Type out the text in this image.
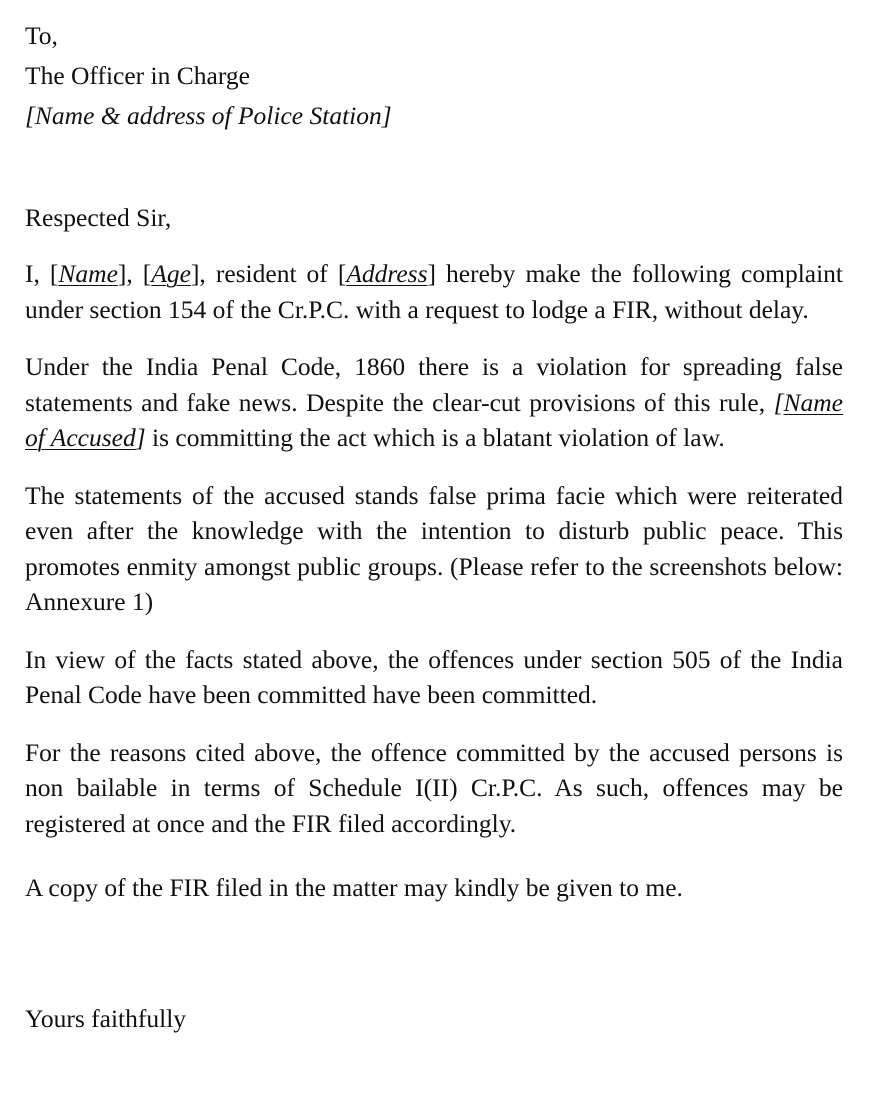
To,

The Officer in Charge

[Name & address of Police Station]

Respected Sir,

I, [Name], [Age], resident of [Address] hereby make the following complaint under section 154 of the Cr.P.C. with a request to lodge a FIR, without delay.

Under the India Penal Code, 1860 there is a violation for spreading false statements and fake news. Despite the clear-cut provisions of this rule, [Name of Accused] is committing the act which is a blatant violation of law.

The statements of the accused stands false prima facie which were reiterated even after the knowledge with the intention to disturb public peace. This promotes enmity amongst public groups. (Please refer to the screenshots below: Annexure 1)

In view of the facts stated above, the offences under section 505 of the India Penal Code have been committed have been committed.

For the reasons cited above, the offence committed by the accused persons is non bailable in terms of Schedule I(II) Cr.P.C. As such, offences may be registered at once and the FIR filed accordingly.

A copy of the FIR filed in the matter may kindly be given to me.

Yours faithfully
